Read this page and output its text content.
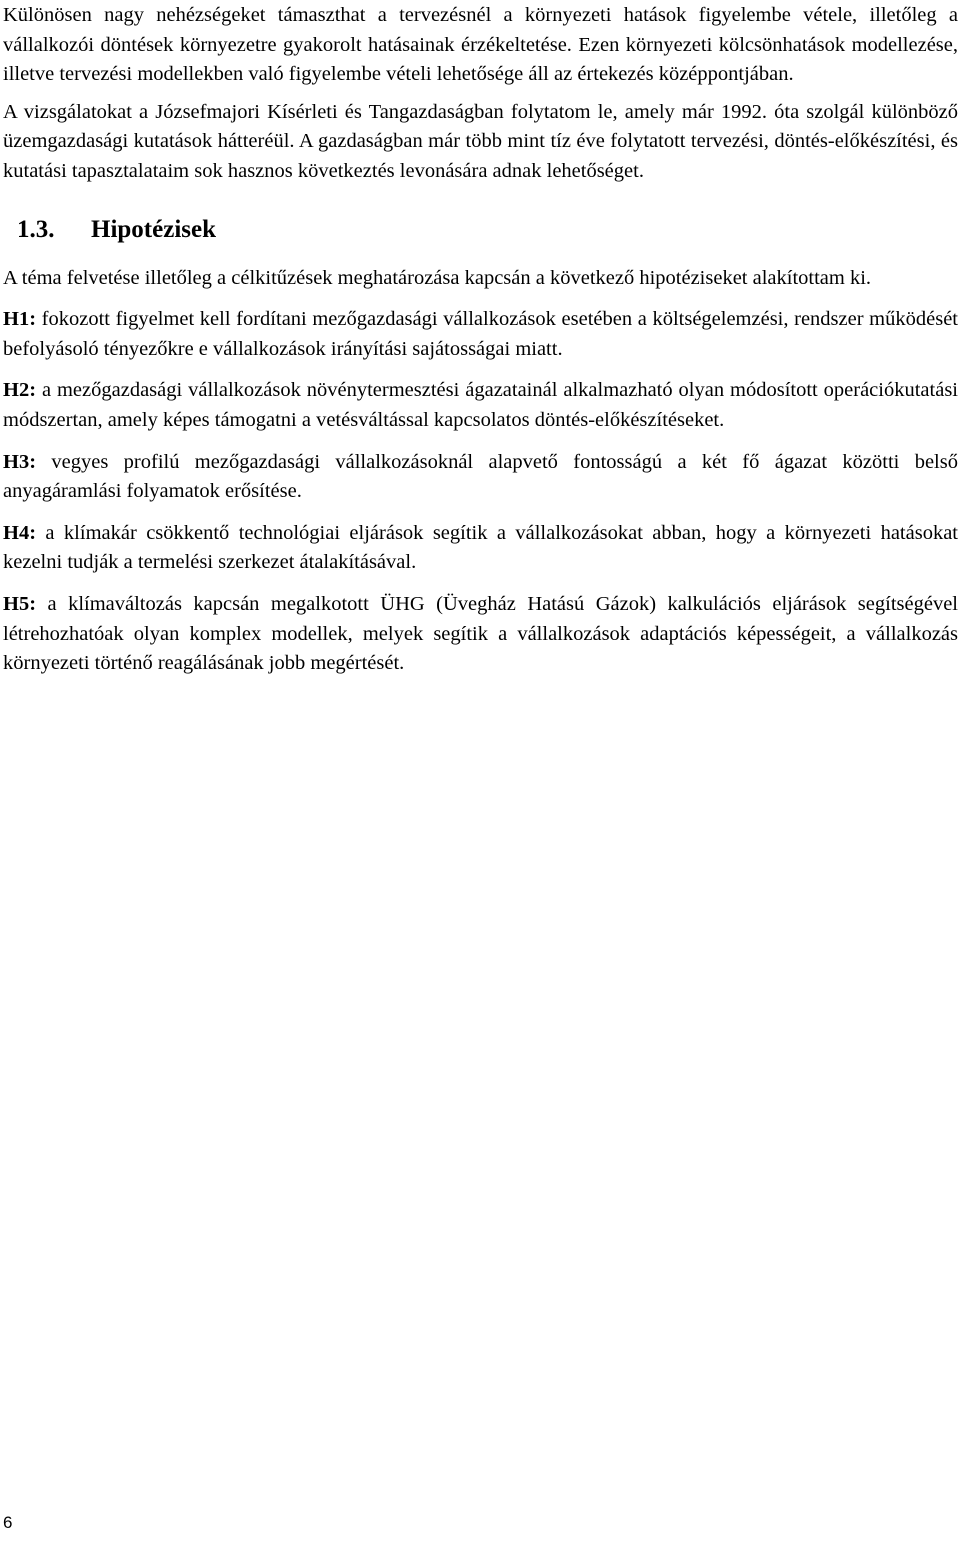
Különösen nagy nehézségeket támaszthat a tervezésnél a környezeti hatások figyelembe vétele, illetőleg a vállalkozói döntések környezetre gyakorolt hatásainak érzékeltetése. Ezen környezeti kölcsönhatások modellezése, illetve tervezési modellekben való figyelembe vételi lehetősége áll az értekezés középpontjában.

A vizsgálatokat a Józsefmajori Kísérleti és Tangazdaságban folytatom le, amely már 1992. óta szolgál különböző üzemgazdasági kutatások hátteréül. A gazdaságban már több mint tíz éve folytatott tervezési, döntés-előkészítési, és kutatási tapasztalataim sok hasznos következtés levonására adnak lehetőséget.

1.3. Hipotézisek

A téma felvetése illetőleg a célkitűzések meghatározása kapcsán a következő hipotéziseket alakítottam ki.

H1: fokozott figyelmet kell fordítani mezőgazdasági vállalkozások esetében a költségelemzési, rendszer működését befolyásoló tényezőkre e vállalkozások irányítási sajátosságai miatt.

H2: a mezőgazdasági vállalkozások növénytermesztési ágazatainál alkalmazható olyan módosított operációkutatási módszertan, amely képes támogatni a vetésváltással kapcsolatos döntés-előkészítéseket.

H3: vegyes profilú mezőgazdasági vállalkozásoknál alapvető fontosságú a két fő ágazat közötti belső anyagáramlási folyamatok erősítése.

H4: a klímakár csökkentő technológiai eljárások segítik a vállalkozásokat abban, hogy a környezeti hatásokat kezelni tudják a termelési szerkezet átalakításával.

H5: a klímaváltozás kapcsán megalkotott ÜHG (Üvegház Hatású Gázok) kalkulációs eljárások segítségével létrehozhatóak olyan komplex modellek, melyek segítik a vállalkozások adaptációs képességeit, a vállalkozás környezeti történő reagálásának jobb megértését.

6
